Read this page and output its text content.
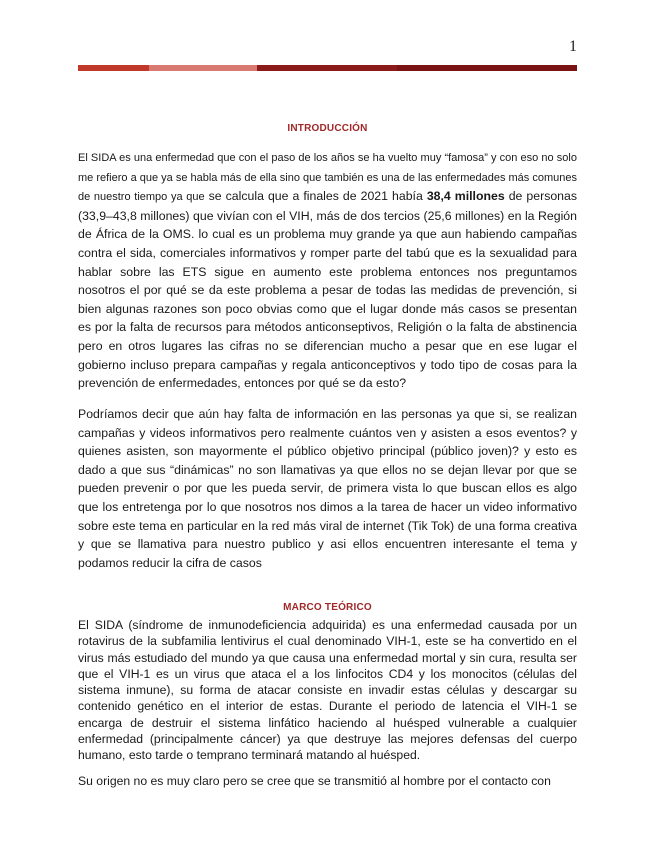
1
INTRODUCCIÓN

El SIDA es una enfermedad que con el paso de los años se ha vuelto muy “famosa” y con eso no solo me refiero a que ya se habla más de ella sino que también es una de las enfermedades más comunes de nuestro tiempo ya que se calcula que a finales de 2021 había 38,4 millones de personas (33,9–43,8 millones) que vivían con el VIH, más de dos tercios (25,6 millones) en la Región de África de la OMS. lo cual es un problema muy grande ya que aun habiendo campañas contra el sida, comerciales informativos y romper parte del tabú que es la sexualidad para hablar sobre las ETS sigue en aumento este problema entonces nos preguntamos nosotros el por qué se da este problema a pesar de todas las medidas de prevención, si bien algunas razones son poco obvias como que el lugar donde más casos se presentan es por la falta de recursos para métodos anticonseptivos, Religión o la falta de abstinencia pero en otros lugares las cifras no se diferencian mucho a pesar que en ese lugar el gobierno incluso prepara campañas y regala anticonceptivos y todo tipo de cosas para la prevención de enfermedades, entonces por qué se da esto?

Podríamos decir que aún hay falta de información en las personas ya que si, se realizan campañas y videos informativos pero realmente cuántos ven y asisten a esos eventos? y quienes asisten, son mayormente el público objetivo principal (público joven)? y esto es dado a que sus “dinámicas” no son llamativas ya que ellos no se dejan llevar por que se pueden prevenir o por que les pueda servir, de primera vista lo que buscan ellos es algo que los entretenga por lo que nosotros nos dimos a la tarea de hacer un video informativo sobre este tema en particular en la red más viral de internet (Tik Tok) de una forma creativa y que se llamativa para nuestro publico y asi ellos encuentren interesante el tema y podamos reducir la cifra de casos

MARCO TEÓRICO

El SIDA (síndrome de inmunodeficiencia adquirida) es una enfermedad causada por un rotavirus de la subfamilia lentivirus el cual denominado VIH-1, este se ha convertido en el virus más estudiado del mundo ya que causa una enfermedad mortal y sin cura, resulta ser que el VIH-1 es un virus que ataca el a los linfocitos CD4 y los monocitos (células del sistema inmune), su forma de atacar consiste en invadir estas células y descargar su contenido genético en el interior de estas. Durante el periodo de latencia el VIH-1 se encarga de destruir el sistema linfático haciendo al huésped vulnerable a cualquier enfermedad (principalmente cáncer) ya que destruye las mejores defensas del cuerpo humano, esto tarde o temprano terminará matando al huésped.

Su origen no es muy claro pero se cree que se transmitió al hombre por el contacto con
